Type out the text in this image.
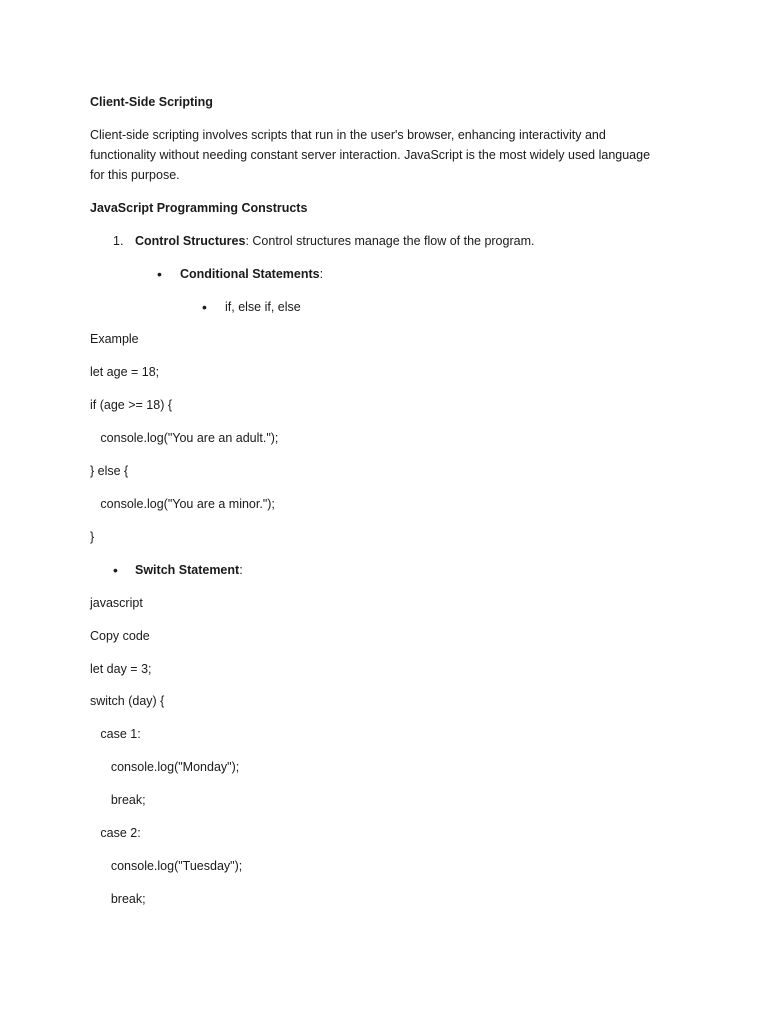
Client-Side Scripting
Client-side scripting involves scripts that run in the user's browser, enhancing interactivity and
functionality without needing constant server interaction. JavaScript is the most widely used language
for this purpose.
JavaScript Programming Constructs
1. Control Structures: Control structures manage the flow of the program.
• Conditional Statements:
• if, else if, else
Example
let age = 18;
if (age >= 18) {
console.log("You are an adult.");
} else {
console.log("You are a minor.");
}
• Switch Statement:
javascript
Copy code
let day = 3;
switch (day) {
case 1:
console.log("Monday");
break;
case 2:
console.log("Tuesday");
break;
